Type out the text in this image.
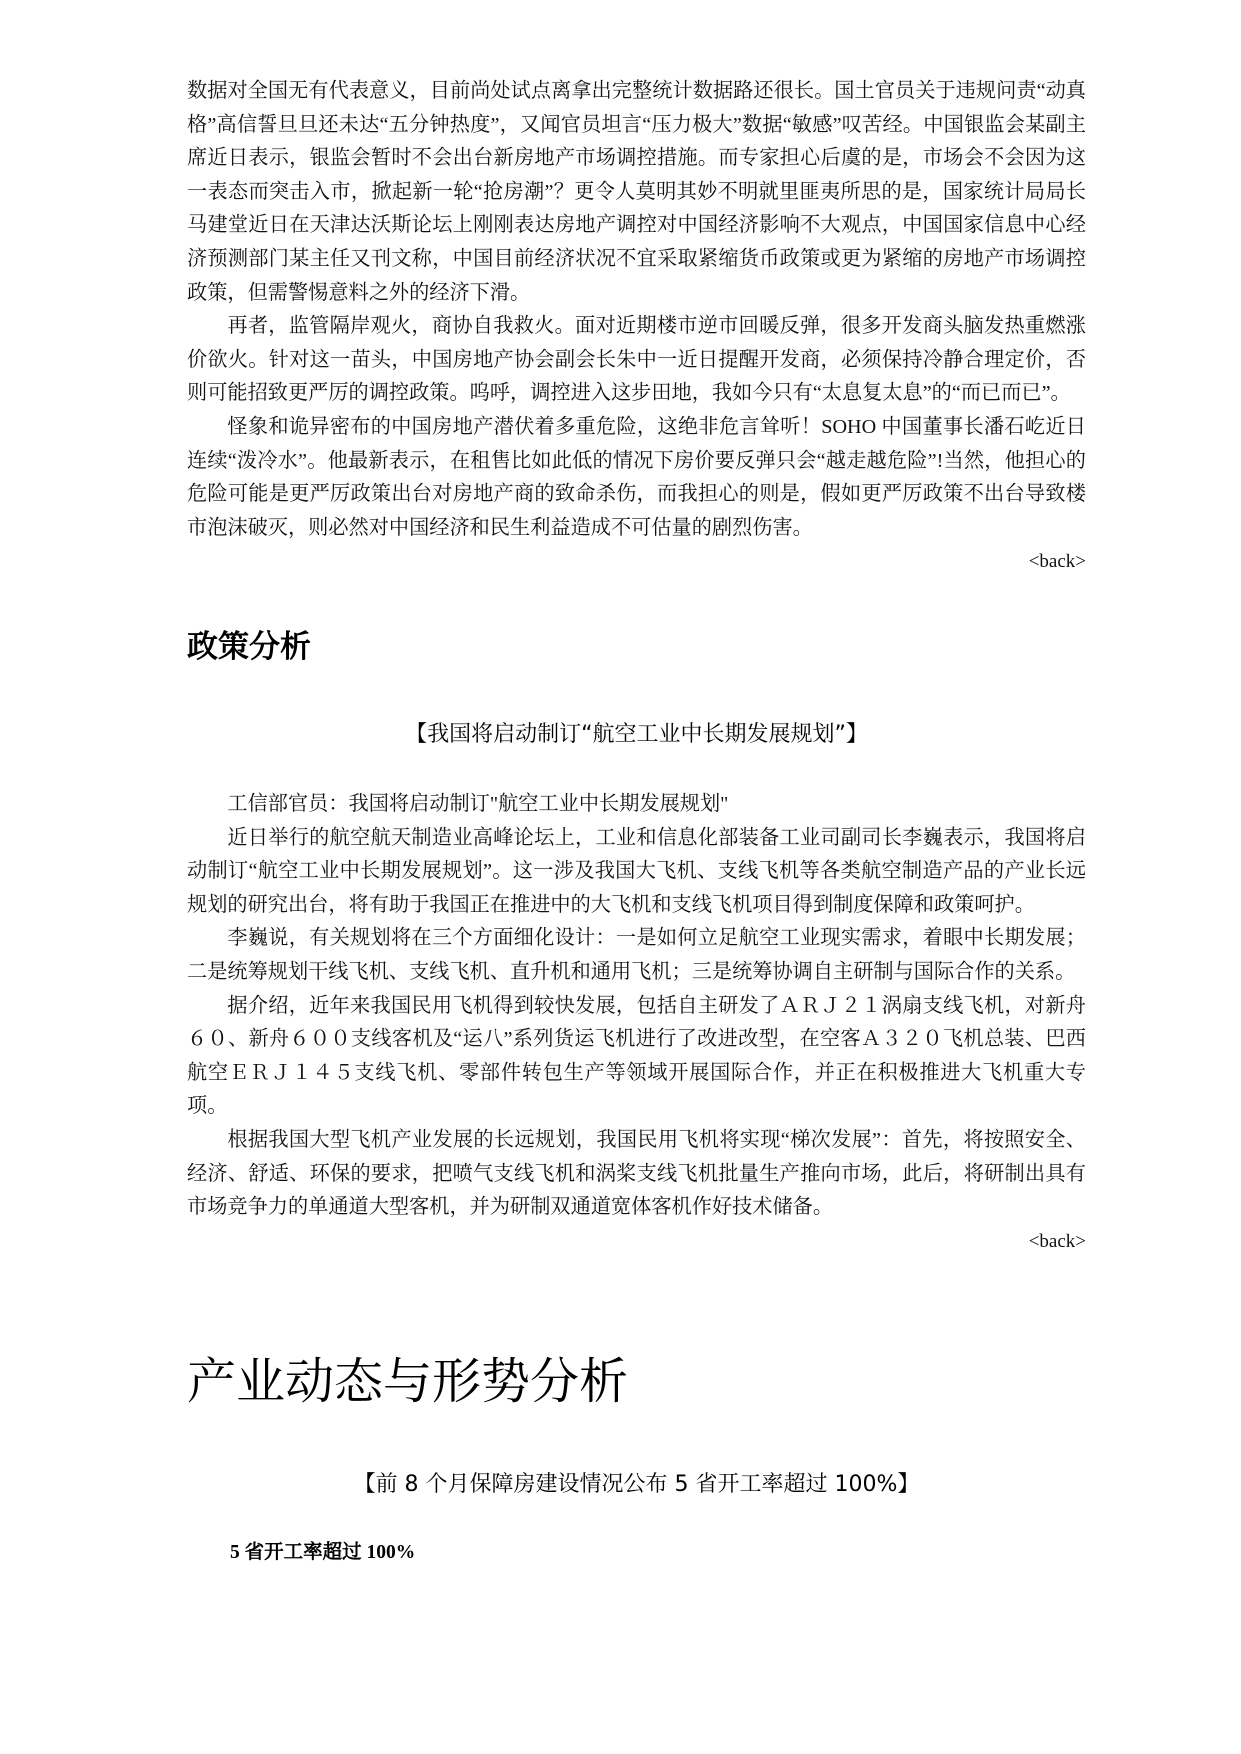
数据对全国无有代表意义，目前尚处试点离拿出完整统计数据路还很长。国土官员关于违规问责“动真格”高信誓旦旦还未达“五分钟热度”，又闻官员坦言“压力极大”数据“敏感”叹苦经。中国银监会某副主席近日表示，银监会暂时不会出台新房地产市场调控措施。而专家担心后虞的是，市场会不会因为这一表态而突击入市，掀起新一轮“抢房潮”？更令人莫明其妙不明就里匪夷所思的是，国家统计局局长马建堂近日在天津达沃斯论坛上刚刚表达房地产调控对中国经济影响不大观点，中国国家信息中心经济预测部门某主任又刊文称，中国目前经济状况不宜采取紧缩货币政策或更为紧缩的房地产市场调控政策，但需警惕意料之外的经济下滑。

再者，监管隔岸观火，商协自我救火。面对近期楼市逆市回暖反弹，很多开发商头脑发热重燃涨价欲火。针对这一苗头，中国房地产协会副会长朱中一近日提醒开发商，必须保持冷静合理定价，否则可能招致更严厉的调控政策。呜呼，调控进入这步田地，我如今只有“太息复太息”的“而已而已”。

怪象和诡异密布的中国房地产潜伏着多重危险，这绝非危言耸听！SOHO 中国董事长潘石屹近日连续“泼冷水”。他最新表示，在租售比如此低的情况下房价要反弹只会“越走越危险”!当然，他担心的危险可能是更严厉政策出台对房地产商的致命杀伤，而我担心的则是，假如更严厉政策不出台导致楼市泡沫破灭，则必然对中国经济和民生利益造成不可估量的剧烈伤害。

<back>

政策分析
【我国将启动制订“航空工业中长期发展规划”】

工信部官员：我国将启动制订"航空工业中长期发展规划"

近日举行的航空航天制造业高峰论坛上，工业和信息化部装备工业司副司长李巍表示，我国将启动制订“航空工业中长期发展规划”。这一涉及我国大飞机、支线飞机等各类航空制造产品的产业长远规划的研究出台，将有助于我国正在推进中的大飞机和支线飞机项目得到制度保障和政策呵护。

李巍说，有关规划将在三个方面细化设计：一是如何立足航空工业现实需求，着眼中长期发展；二是统筹规划干线飞机、支线飞机、直升机和通用飞机；三是统筹协调自主研制与国际合作的关系。

据介绍，近年来我国民用飞机得到较快发展，包括自主研发了ＡＲＪ２１涡扇支线飞机，对新舟６０、新舟６００支线客机及“运八”系列货运飞机进行了改进改型，在空客Ａ３２０飞机总装、巴西航空ＥＲＪ１４５支线飞机、零部件转包生产等领域开展国际合作，并正在积极推进大飞机重大专项。

根据我国大型飞机产业发展的长远规划，我国民用飞机将实现“梯次发展”：首先，将按照安全、经济、舒适、环保的要求，把喷气支线飞机和涡桨支线飞机批量生产推向市场，此后，将研制出具有市场竞争力的单通道大型客机，并为研制双通道宽体客机作好技术储备。

<back>

产业动态与形势分析
【前 8 个月保障房建设情况公布 5 省开工率超过 100%】
5 省开工率超过 100%
